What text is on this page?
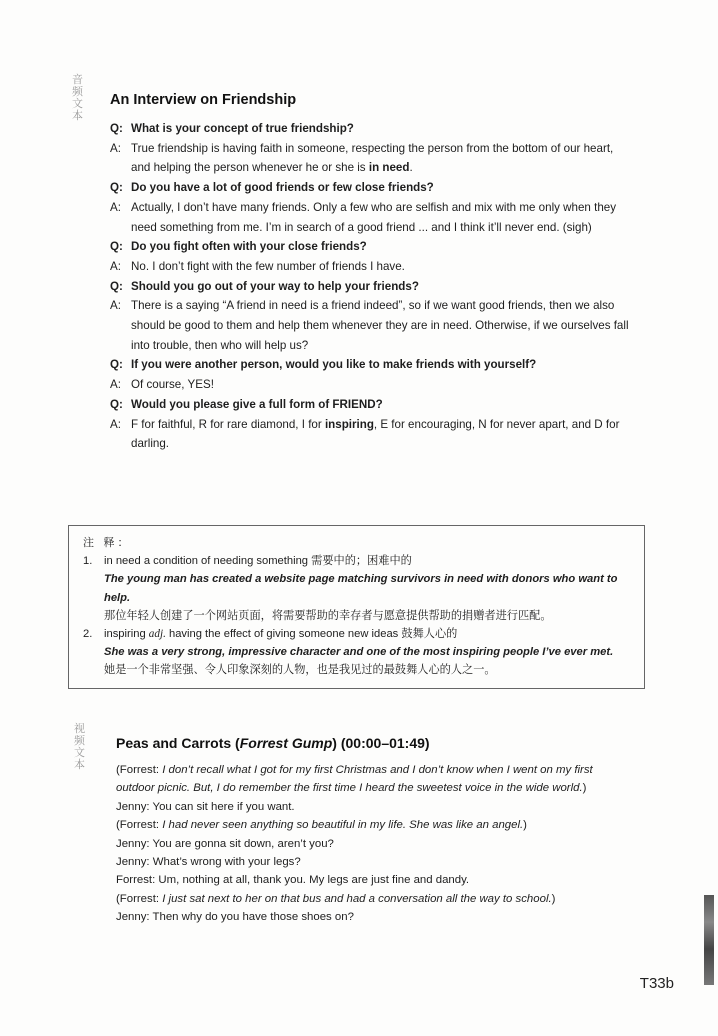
音频文本
An Interview on Friendship
Q: What is your concept of true friendship?
A: True friendship is having faith in someone, respecting the person from the bottom of our heart, and helping the person whenever he or she is in need.
Q: Do you have a lot of good friends or few close friends?
A: Actually, I don’t have many friends. Only a few who are selfish and mix with me only when they need something from me. I’m in search of a good friend ... and I think it’ll never end. (sigh)
Q: Do you fight often with your close friends?
A: No. I don’t fight with the few number of friends I have.
Q: Should you go out of your way to help your friends?
A: There is a saying “A friend in need is a friend indeed”, so if we want good friends, then we also should be good to them and help them whenever they are in need. Otherwise, if we ourselves fall into trouble, then who will help us?
Q: If you were another person, would you like to make friends with yourself?
A: Of course, YES!
Q: Would you please give a full form of FRIEND?
A: F for faithful, R for rare diamond, I for inspiring, E for encouraging, N for never apart, and D for darling.
注 释：
1.	in need a condition of needing something 需要中的；困难中的
The young man has created a website page matching survivors in need with donors who want to help.
那位年轻人创建了一个网站页面，将需要帮助的幸存者与愿意提供帮助的捐赠者进行匹配。
2.	inspiring adj. having the effect of giving someone new ideas 鼓舞人心的
She was a very strong, impressive character and one of the most inspiring people I’ve ever met.
她是一个非常坚强、令人印象深刻的人物，也是我见过的最鼓舞人心的人之一。
视频文本
Peas and Carrots (Forrest Gump) (00:00–01:49)
(Forrest: I don’t recall what I got for my first Christmas and I don’t know when I went on my first outdoor picnic. But, I do remember the first time I heard the sweetest voice in the wide world.)
Jenny: You can sit here if you want.
(Forrest: I had never seen anything so beautiful in my life. She was like an angel.)
Jenny: You are gonna sit down, aren’t you?
Jenny: What’s wrong with your legs?
Forrest: Um, nothing at all, thank you. My legs are just fine and dandy.
(Forrest: I just sat next to her on that bus and had a conversation all the way to school.)
Jenny: Then why do you have those shoes on?
T33b
